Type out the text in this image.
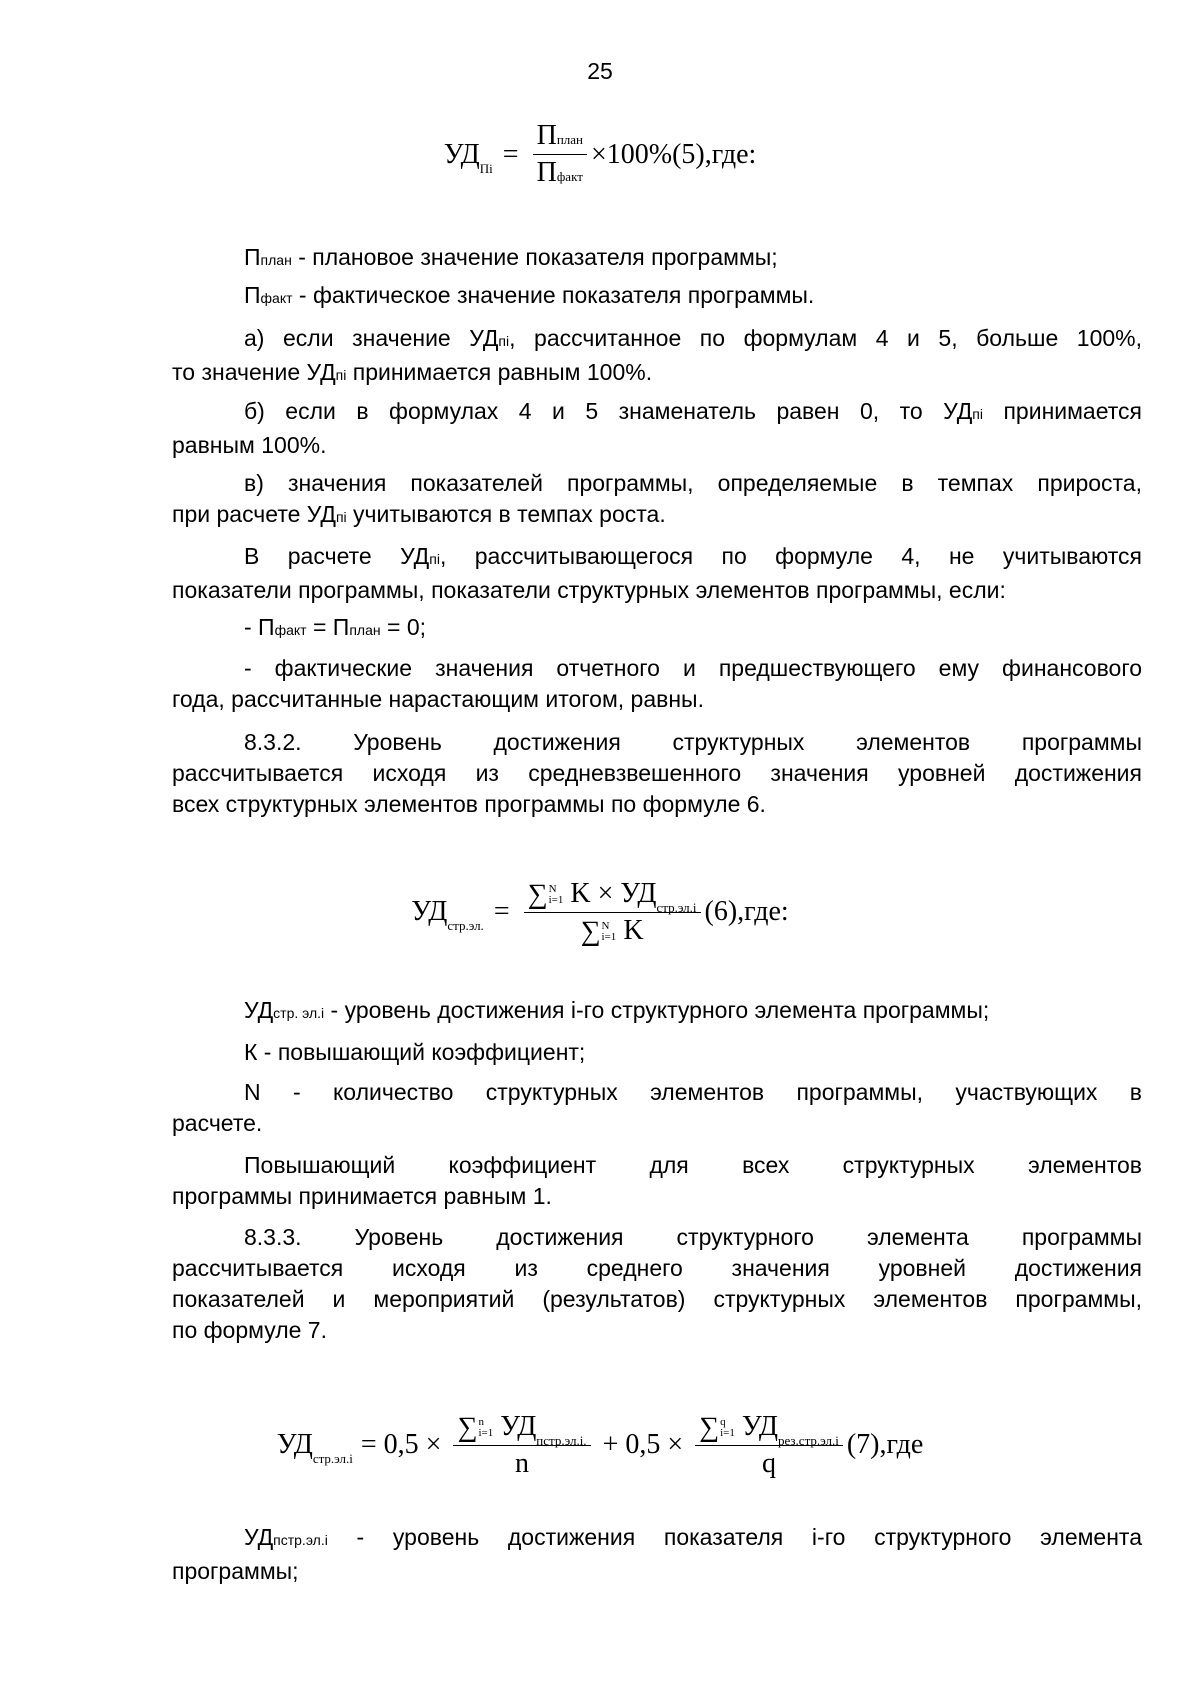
25
$УД_{Пi} = \frac{\text{Пплан}}{\text{Пфакт}} \times 100\%(5),где$:
Пплан - плановое значение показателя программы;
Пфакт - фактическое значение показателя программы.
а) если значение УДпi, рассчитанное по формулам 4 и 5, больше 100%,
то значение УДпi принимается равным 100%.
б) если в формулах 4 и 5 знаменатель равен 0, то УДпi принимается
равным 100%.
в) значения показателей программы, определяемые в темпах прироста,
при расчете УДпi учитываются в темпах роста.
В расчете УДпi, рассчитывающегося по формуле 4, не учитываются
показатели программы, показатели структурных элементов программы, если:
- Пфакт = Пплан = 0;
- фактические значения отчетного и предшествующего ему финансового
года, рассчитанные нарастающим итогом, равны.
8.3.2. Уровень достижения структурных элементов программы
рассчитывается исходя из средневзвешенного значения уровней достижения
всех структурных элементов программы по формуле 6.
$УД_{стр.эл.}$ = ∑ N
i=1 $K \times УД_{стр.эл.i}$
∑ N
i=1 K (6),где:
УДстр. эл.i - уровень достижения i-го структурного элемента программы;
К - повышающий коэффициент;
N - количество структурных элементов программы, участвующих в
расчете.
Повышающий коэффициент для всех структурных элементов
программы принимается равным 1.
8.3.3. Уровень достижения структурного элемента программы
рассчитывается исходя из среднего значения уровней достижения
показателей и мероприятий (результатов) структурных элементов программы,
по формуле 7.
$УД_{стр.эл.i} = 0,5$ × ∑ n
i=1 $УД_{пстр.эл.i.}$
n + 0,5 × ∑ q
i=1 $УД_{рез.стр.эл.i}$
q (7),где
УДпстр.эл.i - уровень достижения показателя i-го структурного элемента
программы;
